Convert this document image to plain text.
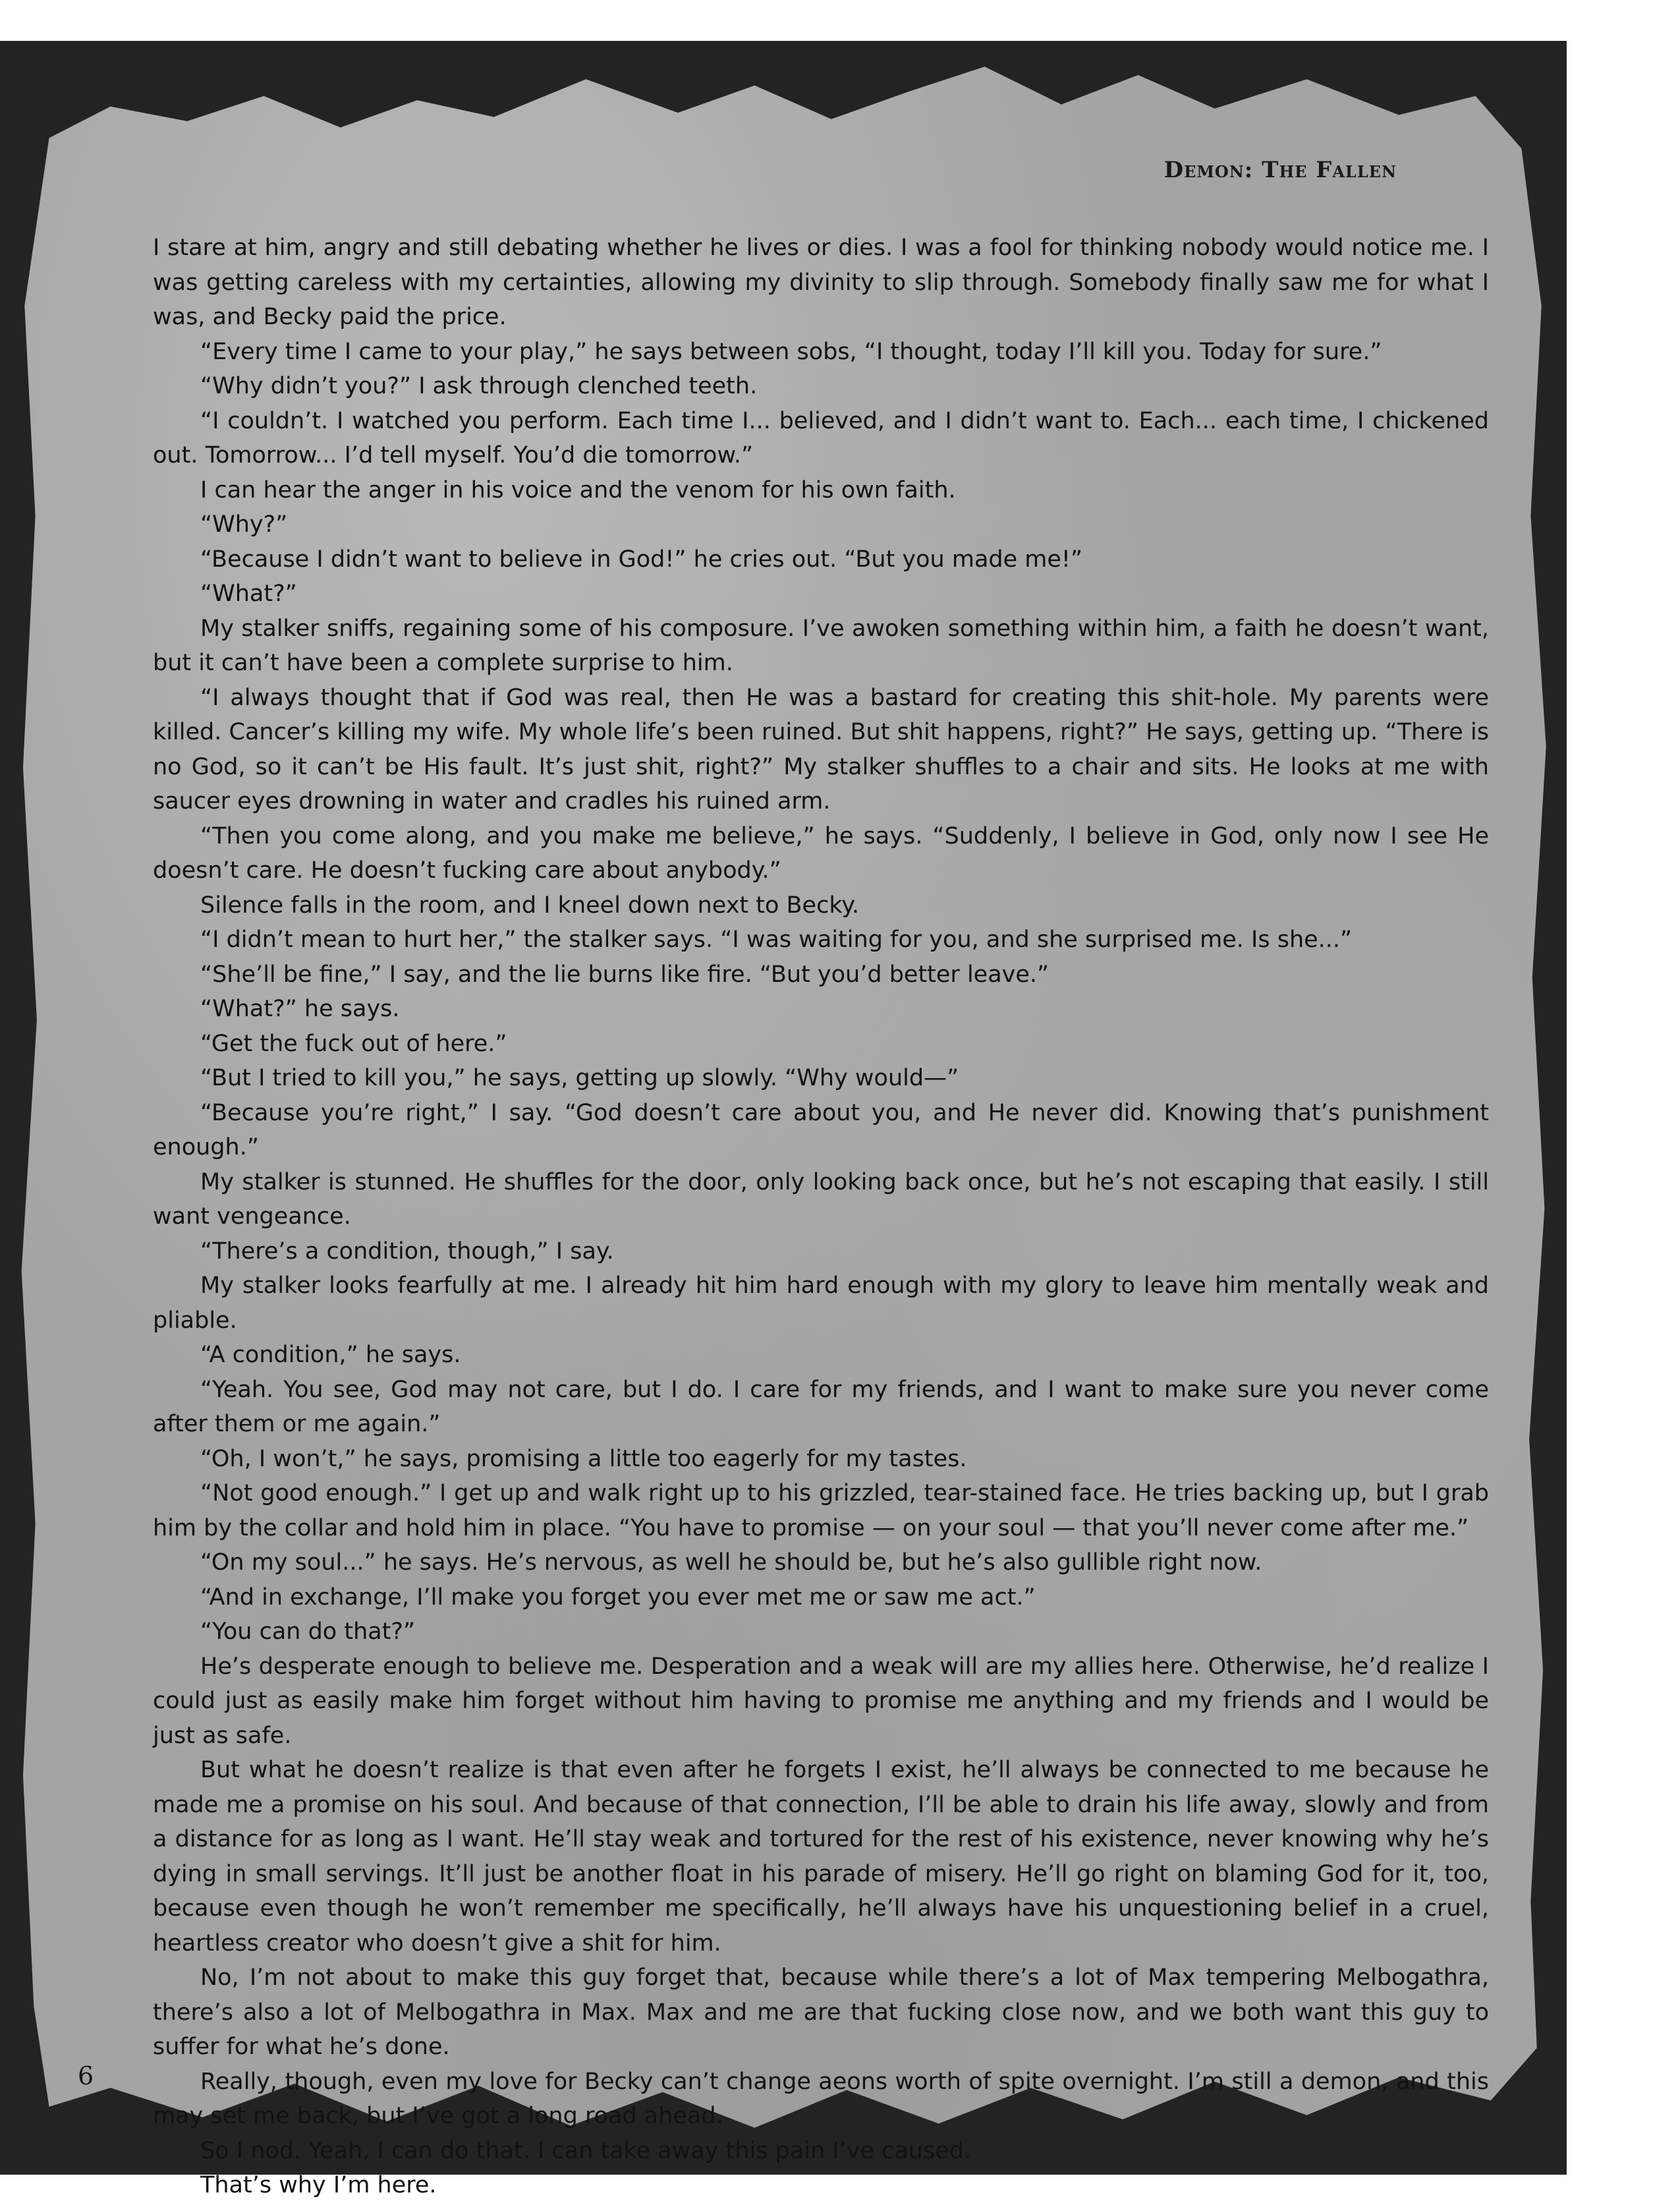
Demon: The Fallen

I stare at him, angry and still debating whether he lives or dies. I was a fool for thinking nobody would notice me. I was getting careless with my certainties, allowing my divinity to slip through. Somebody finally saw me for what I was, and Becky paid the price.

“Every time I came to your play,” he says between sobs, “I thought, today I’ll kill you. Today for sure.”

“Why didn’t you?” I ask through clenched teeth.

“I couldn’t. I watched you perform. Each time I... believed, and I didn’t want to. Each... each time, I chickened out. Tomorrow... I’d tell myself. You’d die tomorrow.”

I can hear the anger in his voice and the venom for his own faith.

“Why?”

“Because I didn’t want to believe in God!” he cries out. “But you made me!”

“What?”

My stalker sniffs, regaining some of his composure. I’ve awoken something within him, a faith he doesn’t want, but it can’t have been a complete surprise to him.

“I always thought that if God was real, then He was a bastard for creating this shit-hole. My parents were killed. Cancer’s killing my wife. My whole life’s been ruined. But shit happens, right?” He says, getting up. “There is no God, so it can’t be His fault. It’s just shit, right?” My stalker shuffles to a chair and sits. He looks at me with saucer eyes drowning in water and cradles his ruined arm.

“Then you come along, and you make me believe,” he says. “Suddenly, I believe in God, only now I see He doesn’t care. He doesn’t fucking care about anybody.”

Silence falls in the room, and I kneel down next to Becky.

“I didn’t mean to hurt her,” the stalker says. “I was waiting for you, and she surprised me. Is she...”

“She’ll be fine,” I say, and the lie burns like fire. “But you’d better leave.”

“What?” he says.

“Get the fuck out of here.”

“But I tried to kill you,” he says, getting up slowly. “Why would—”

“Because you’re right,” I say. “God doesn’t care about you, and He never did. Knowing that’s punishment enough.”

My stalker is stunned. He shuffles for the door, only looking back once, but he’s not escaping that easily. I still want vengeance.

“There’s a condition, though,” I say.

My stalker looks fearfully at me. I already hit him hard enough with my glory to leave him mentally weak and pliable.

“A condition,” he says.

“Yeah. You see, God may not care, but I do. I care for my friends, and I want to make sure you never come after them or me again.”

“Oh, I won’t,” he says, promising a little too eagerly for my tastes.

“Not good enough.” I get up and walk right up to his grizzled, tear-stained face. He tries backing up, but I grab him by the collar and hold him in place. “You have to promise — on your soul — that you’ll never come after me.”

“On my soul...” he says. He’s nervous, as well he should be, but he’s also gullible right now.

“And in exchange, I’ll make you forget you ever met me or saw me act.”

“You can do that?”

He’s desperate enough to believe me. Desperation and a weak will are my allies here. Otherwise, he’d realize I could just as easily make him forget without him having to promise me anything and my friends and I would be just as safe.

But what he doesn’t realize is that even after he forgets I exist, he’ll always be connected to me because he made me a promise on his soul. And because of that connection, I’ll be able to drain his life away, slowly and from a distance for as long as I want. He’ll stay weak and tortured for the rest of his existence, never knowing why he’s dying in small servings. It’ll just be another float in his parade of misery. He’ll go right on blaming God for it, too, because even though he won’t remember me specifically, he’ll always have his unquestioning belief in a cruel, heartless creator who doesn’t give a shit for him.

No, I’m not about to make this guy forget that, because while there’s a lot of Max tempering Melbogathra, there’s also a lot of Melbogathra in Max. Max and me are that fucking close now, and we both want this guy to suffer for what he’s done.

Really, though, even my love for Becky can’t change aeons worth of spite overnight. I’m still a demon, and this may set me back, but I’ve got a long road ahead.

So I nod. Yeah, I can do that. I can take away this pain I’ve caused.

That’s why I’m here.

6
